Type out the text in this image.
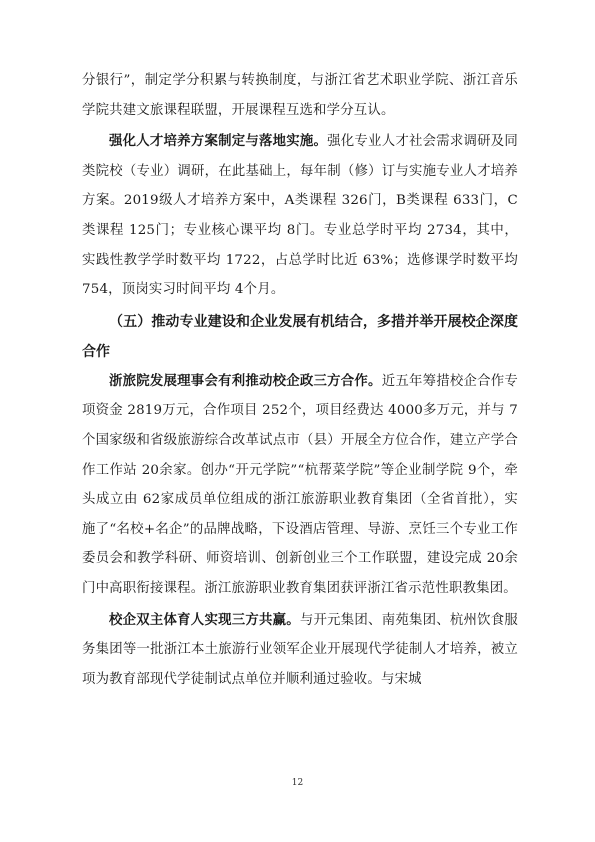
分银行”，制定学分积累与转换制度，与浙江省艺术职业学院、浙江音乐学院共建文旅课程联盟，开展课程互选和学分互认。

强化人才培养方案制定与落地实施。强化专业人才社会需求调研及同类院校（专业）调研，在此基础上，每年制（修）订与实施专业人才培养方案。2019级人才培养方案中，A类课程 326门，B类课程 633门，C类课程 125门；专业核心课平均 8门。专业总学时平均 2734，其中，实践性教学学时数平均 1722，占总学时比近 63%；选修课学时数平均 754，顶岗实习时间平均 4个月。

（五）推动专业建设和企业发展有机结合，多措并举开展校企深度合作

浙旅院发展理事会有利推动校企政三方合作。近五年筹措校企合作专项资金 2819万元，合作项目 252个，项目经费达 4000多万元，并与 7个国家级和省级旅游综合改革试点市（县）开展全方位合作，建立产学合作工作站 20余家。创办“开元学院”“杭帮菜学院”等企业制学院 9个，牵头成立由 62家成员单位组成的浙江旅游职业教育集团（全省首批），实施了“名校+名企”的品牌战略，下设酒店管理、导游、烹饪三个专业工作委员会和教学科研、师资培训、创新创业三个工作联盟，建设完成 20余门中高职衔接课程。浙江旅游职业教育集团获评浙江省示范性职教集团。

校企双主体育人实现三方共赢。与开元集团、南苑集团、杭州饮食服务集团等一批浙江本土旅游行业领军企业开展现代学徒制人才培养，被立项为教育部现代学徒制试点单位并顺利通过验收。与宋城

12
